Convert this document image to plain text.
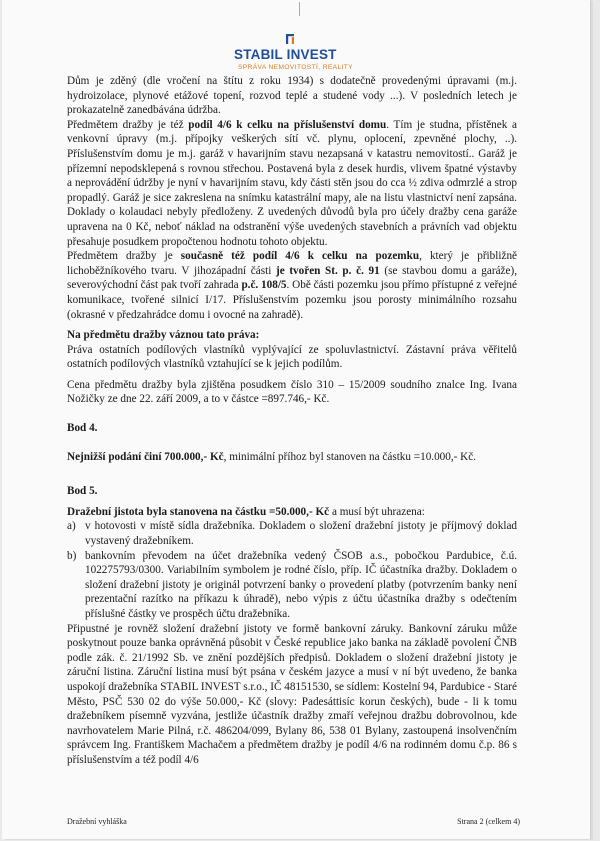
STABIL INVEST
SPRÁVA NEMOVITOSTÍ, REALITY

Dům je zděný (dle vročení na štítu z roku 1934) s dodatečně provedenými úpravami (m.j. hydroizolace, plynové etážové topení, rozvod teplé a studené vody ...). V posledních letech je prokazatelně zanedbávána údržba.

Předmětem dražby je též podíl 4/6 k celku na příslušenství domu. Tím je studna, přístěnek a venkovní úpravy (m.j. přípojky veškerých sítí vč. plynu, oplocení, zpevněné plochy, ..). Příslušenstvím domu je m.j. garáž v havarijním stavu nezapsaná v katastru nemovitostí.. Garáž je přízemní nepodsklepená s rovnou střechou. Postavená byla z desek hurdis, vlivem špatné výstavby a neprovádění údržby je nyní v havarijním stavu, kdy části stěn jsou do cca ½ zdiva odmrzlé a strop propadlý. Garáž je sice zakreslena na snímku katastrální mapy, ale na listu vlastnictví není zapsána. Doklady o kolaudaci nebyly předloženy. Z uvedených důvodů byla pro účely dražby cena garáže upravena na 0 Kč, neboť náklad na odstranění výše uvedených stavebních a právních vad objektu přesahuje posudkem propočtenou hodnotu tohoto objektu.

Předmětem dražby je současně též podíl 4/6 k celku na pozemku, který je přibližně lichoběžníkového tvaru. V jihozápadní části je tvořen St. p. č. 91 (se stavbou domu a garáže), severovýchodní část pak tvoří zahrada p.č. 108/5. Obě části pozemku jsou přímo přístupné z veřejné komunikace, tvořené silnicí I/17. Příslušenstvím pozemku jsou porosty minimálního rozsahu (okrasné v předzahrádce domu i ovocné na zahradě).

Na předmětu dražby váznou tato práva:

Práva ostatních podílových vlastníků vyplývající ze spoluvlastnictví. Zástavní práva věřitelů ostatních podílových vlastníků vztahující se k jejich podílům.

Cena předmětu dražby byla zjištěna posudkem číslo 310 – 15/2009 soudního znalce Ing. Ivana Nožičky ze dne 22. září 2009, a to v částce =897.746,- Kč.

Bod 4.

Nejnižší podání činí 700.000,- Kč, minimální příhoz byl stanoven na částku =10.000,- Kč.

Bod 5.

Dražební jistota byla stanovena na částku =50.000,- Kč a musí být uhrazena:

a) v hotovosti v místě sídla dražebníka. Dokladem o složení dražební jistoty je příjmový doklad vystavený dražebníkem.
b) bankovním převodem na účet dražebníka vedený ČSOB a.s., pobočkou Pardubice, č.ú. 102275793/0300. Variabilním symbolem je rodné číslo, příp. IČ účastníka dražby. Dokladem o složení dražební jistoty je originál potvrzení banky o provedení platby (potvrzením banky není prezentační razítko na příkazu k úhradě), nebo výpis z účtu účastníka dražby s odečtením příslušné částky ve prospěch účtu dražebníka.

Připustné je rovněž složení dražební jistoty ve formě bankovní záruky. Bankovní záruku může poskytnout pouze banka oprávněná působit v České republice jako banka na základě povolení ČNB podle zák. č. 21/1992 Sb. ve znění pozdějších předpisů. Dokladem o složení dražební jistoty je záruční listina. Záruční listina musí být psána v českém jazyce a musí v ní být uvedeno, že banka uspokojí dražebníka STABIL INVEST s.r.o., IČ 48151530, se sídlem: Kostelní 94, Pardubice - Staré Město, PSČ 530 02 do výše 50.000,- Kč (slovy: Padesáttisíc korun českých), bude - li k tomu dražebníkem písemně vyzvána, jestliže účastník dražby zmaří veřejnou dražbu dobrovolnou, kde navrhovatelem Marie Pilná, r.č. 486204/099, Bylany 86, 538 01 Bylany, zastoupená insolvenčním správcem Ing. Františkem Machačem a předmětem dražby je podíl 4/6 na rodinném domu č.p. 86 s příslušenstvím a též podíl 4/6

Dražební vyhláška	Strana 2 (celkem 4)
